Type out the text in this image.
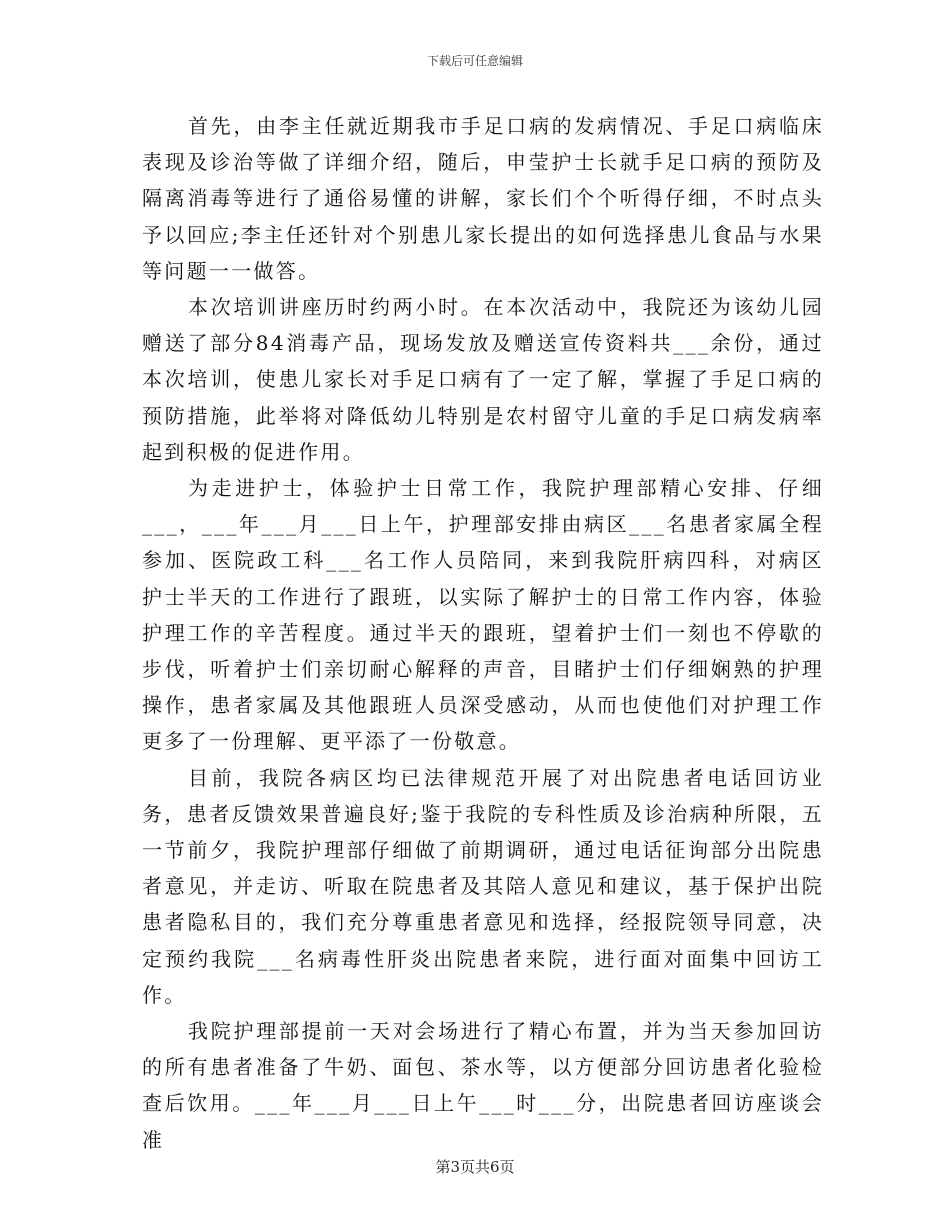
下载后可任意编辑

首先，由李主任就近期我市手足口病的发病情况、手足口病临床表现及诊治等做了详细介绍，随后，申莹护士长就手足口病的预防及隔离消毒等进行了通俗易懂的讲解，家长们个个听得仔细，不时点头予以回应;李主任还针对个别患儿家长提出的如何选择患儿食品与水果等问题一一做答。

本次培训讲座历时约两小时。在本次活动中，我院还为该幼儿园赠送了部分84消毒产品，现场发放及赠送宣传资料共___余份，通过本次培训，使患儿家长对手足口病有了一定了解，掌握了手足口病的预防措施，此举将对降低幼儿特别是农村留守儿童的手足口病发病率起到积极的促进作用。

为走进护士，体验护士日常工作，我院护理部精心安排、仔细___，___年___月___日上午，护理部安排由病区___名患者家属全程参加、医院政工科___名工作人员陪同，来到我院肝病四科，对病区护士半天的工作进行了跟班，以实际了解护士的日常工作内容，体验护理工作的辛苦程度。通过半天的跟班，望着护士们一刻也不停歇的步伐，听着护士们亲切耐心解释的声音，目睹护士们仔细娴熟的护理操作，患者家属及其他跟班人员深受感动，从而也使他们对护理工作更多了一份理解、更平添了一份敬意。

目前，我院各病区均已法律规范开展了对出院患者电话回访业务，患者反馈效果普遍良好;鉴于我院的专科性质及诊治病种所限，五一节前夕，我院护理部仔细做了前期调研，通过电话征询部分出院患者意见，并走访、听取在院患者及其陪人意见和建议，基于保护出院患者隐私目的，我们充分尊重患者意见和选择，经报院领导同意，决定预约我院___名病毒性肝炎出院患者来院，进行面对面集中回访工作。

我院护理部提前一天对会场进行了精心布置，并为当天参加回访的所有患者准备了牛奶、面包、茶水等，以方便部分回访患者化验检查后饮用。___年___月___日上午___时___分，出院患者回访座谈会准

第3页共6页
